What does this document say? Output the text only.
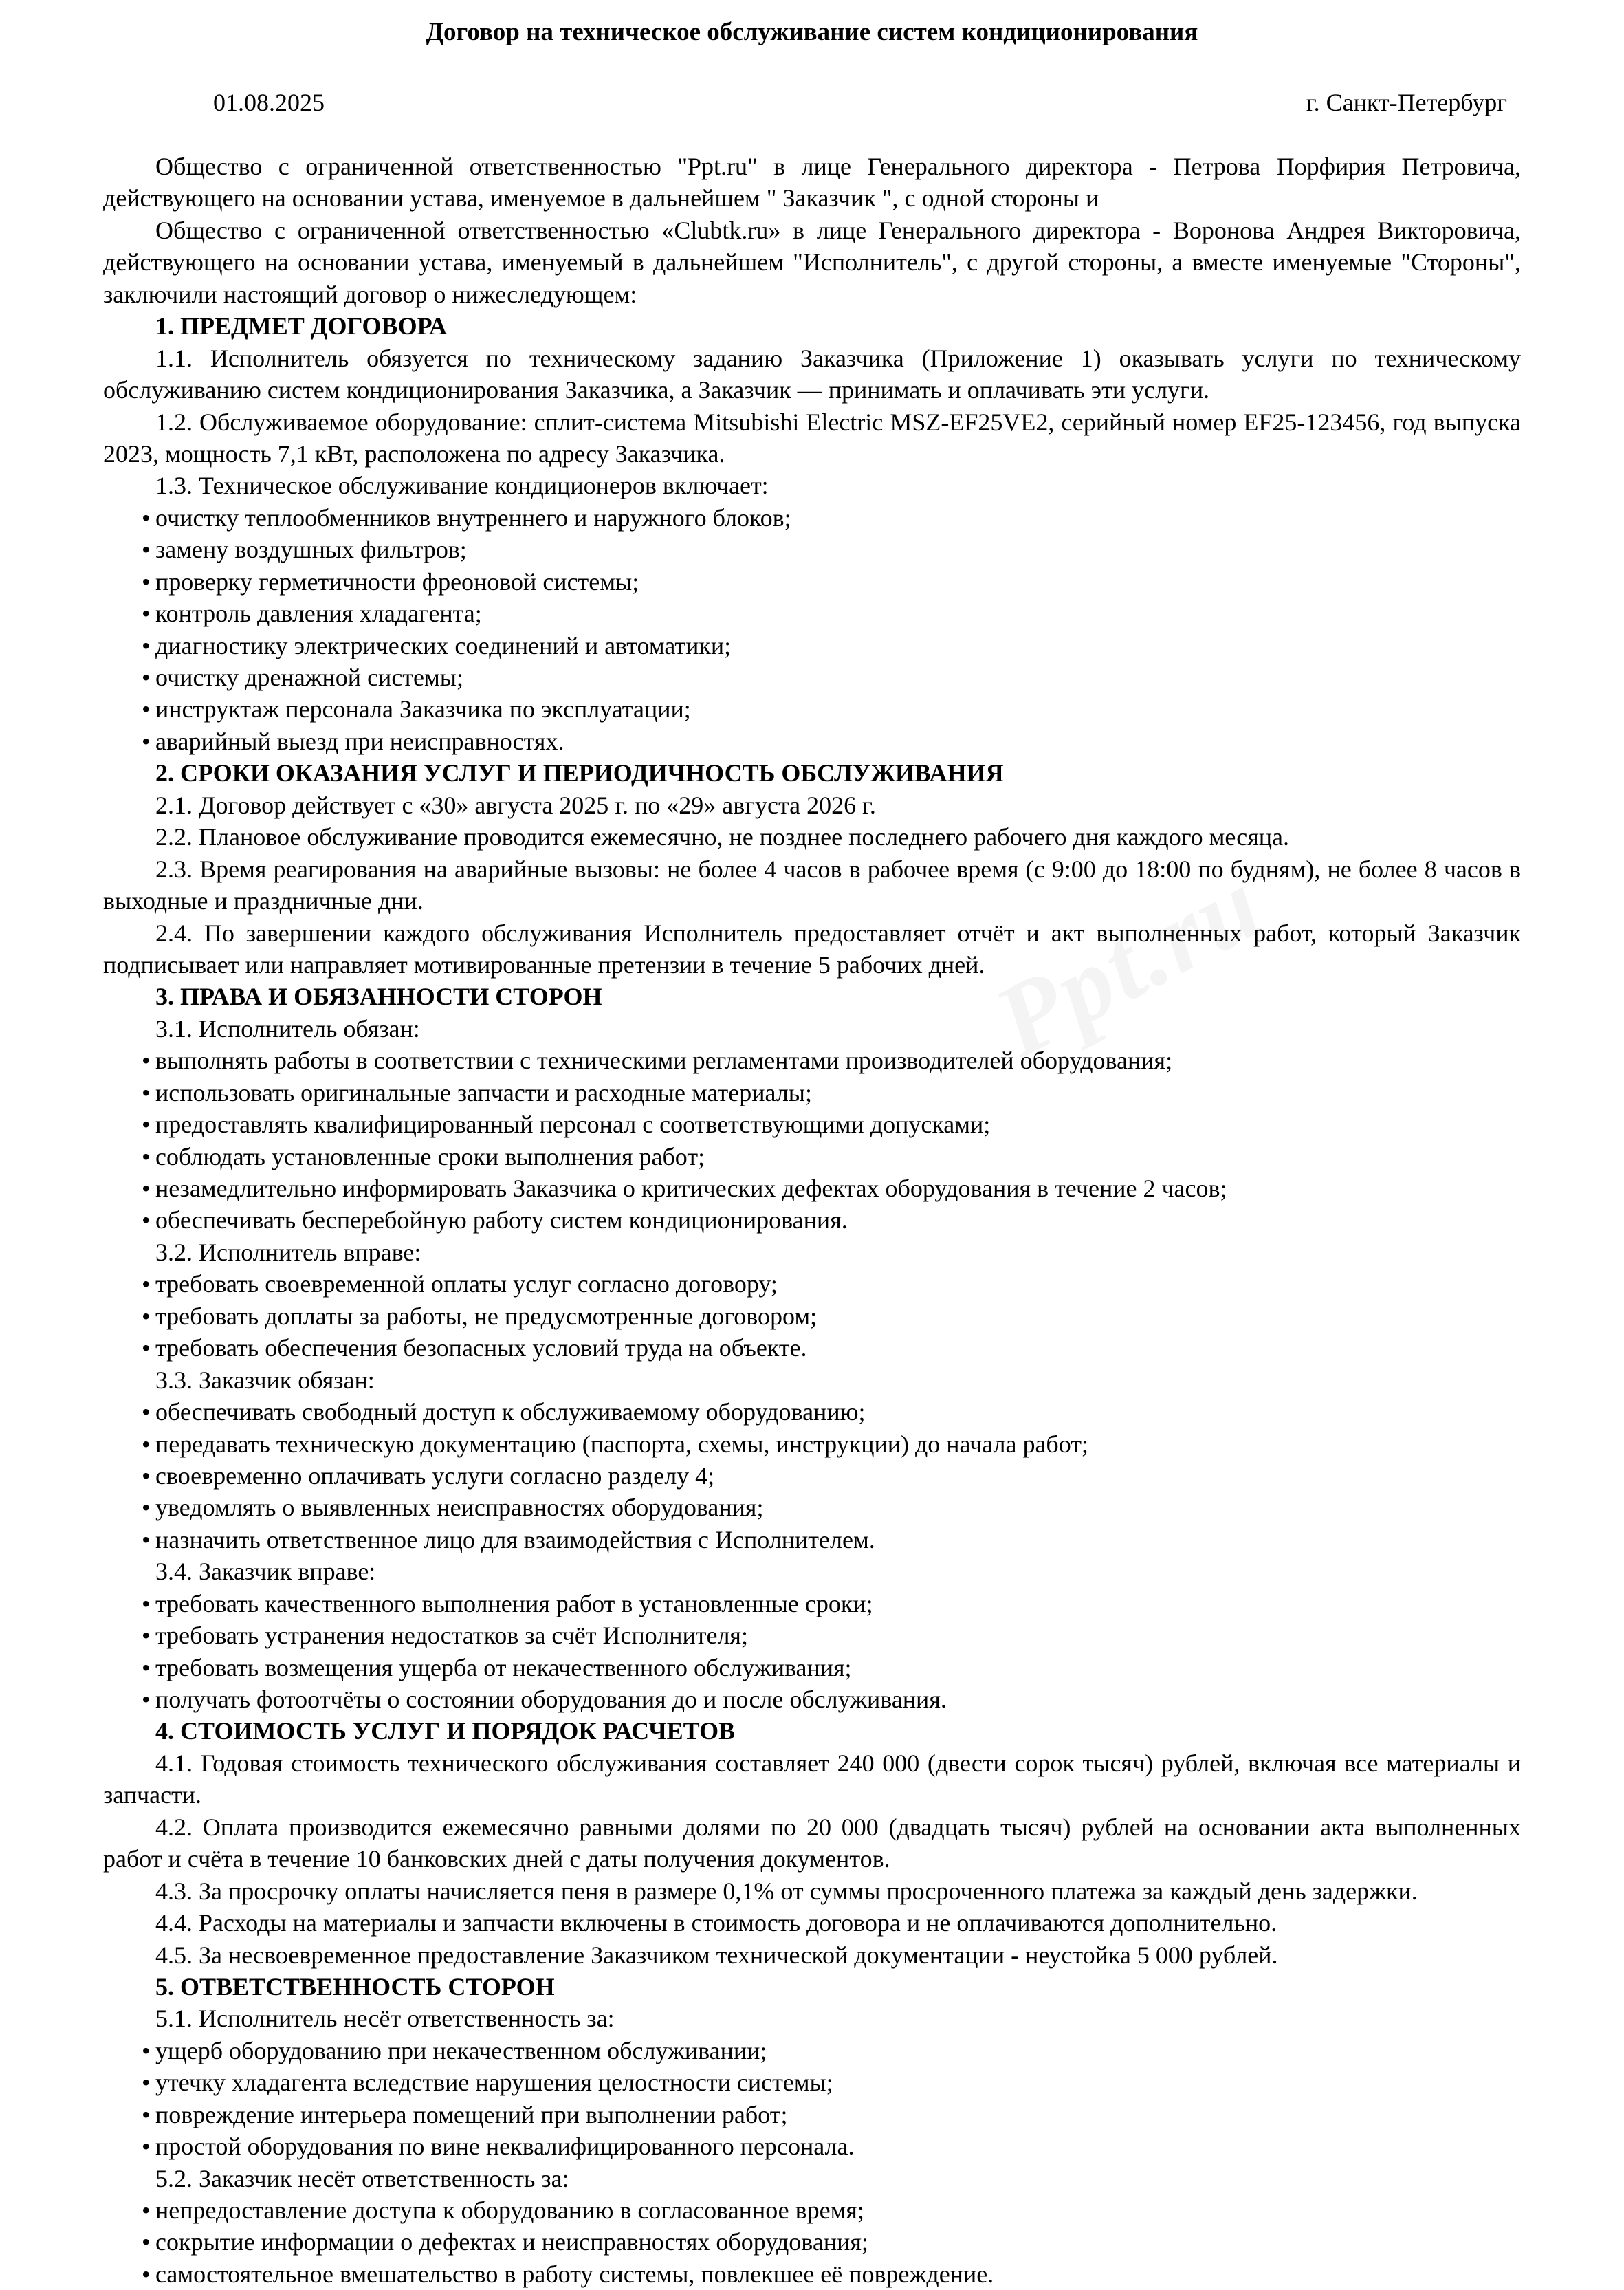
Договор на техническое обслуживание систем кондиционирования
01.08.2025	г. Санкт-Петербург

Общество с ограниченной ответственностью "Ppt.ru" в лице Генерального директора - Петрова Порфирия Петровича, действующего на основании устава, именуемое в дальнейшем " Заказчик ", с одной стороны и

Общество с ограниченной ответственностью «Clubtk.ru» в лице Генерального директора - Воронова Андрея Викторовича, действующего на основании устава, именуемый в дальнейшем "Исполнитель", с другой стороны, а вместе именуемые "Стороны", заключили настоящий договор о нижеследующем:

1. ПРЕДМЕТ ДОГОВОРА

1.1. Исполнитель обязуется по техническому заданию Заказчика (Приложение 1) оказывать услуги по техническому обслуживанию систем кондиционирования Заказчика, а Заказчик — принимать и оплачивать эти услуги.

1.2. Обслуживаемое оборудование: сплит-система Mitsubishi Electric MSZ-EF25VE2, серийный номер EF25-123456, год выпуска 2023, мощность 7,1 кВт, расположена по адресу Заказчика.

1.3. Техническое обслуживание кондиционеров включает:

• очистку теплообменников внутреннего и наружного блоков;
• замену воздушных фильтров;
• проверку герметичности фреоновой системы;
• контроль давления хладагента;
• диагностику электрических соединений и автоматики;
• очистку дренажной системы;
• инструктаж персонала Заказчика по эксплуатации;
• аварийный выезд при неисправностях.
2. СРОКИ ОКАЗАНИЯ УСЛУГ И ПЕРИОДИЧНОСТЬ ОБСЛУЖИВАНИЯ

2.1. Договор действует с «30» августа 2025 г. по «29» августа 2026 г.

2.2. Плановое обслуживание проводится ежемесячно, не позднее последнего рабочего дня каждого месяца.

2.3. Время реагирования на аварийные вызовы: не более 4 часов в рабочее время (с 9:00 до 18:00 по будням), не более 8 часов в выходные и праздничные дни.

2.4. По завершении каждого обслуживания Исполнитель предоставляет отчёт и акт выполненных работ, который Заказчик подписывает или направляет мотивированные претензии в течение 5 рабочих дней.

3. ПРАВА И ОБЯЗАННОСТИ СТОРОН

3.1. Исполнитель обязан:

• выполнять работы в соответствии с техническими регламентами производителей оборудования;
• использовать оригинальные запчасти и расходные материалы;
• предоставлять квалифицированный персонал с соответствующими допусками;
• соблюдать установленные сроки выполнения работ;
• незамедлительно информировать Заказчика о критических дефектах оборудования в течение 2 часов;
• обеспечивать бесперебойную работу систем кондиционирования.

3.2. Исполнитель вправе:

• требовать своевременной оплаты услуг согласно договору;
• требовать доплаты за работы, не предусмотренные договором;
• требовать обеспечения безопасных условий труда на объекте.

3.3. Заказчик обязан:

• обеспечивать свободный доступ к обслуживаемому оборудованию;
• передавать техническую документацию (паспорта, схемы, инструкции) до начала работ;
• своевременно оплачивать услуги согласно разделу 4;
• уведомлять о выявленных неисправностях оборудования;
• назначить ответственное лицо для взаимодействия с Исполнителем.

3.4. Заказчик вправе:

• требовать качественного выполнения работ в установленные сроки;
• требовать устранения недостатков за счёт Исполнителя;
• требовать возмещения ущерба от некачественного обслуживания;
• получать фотоотчёты о состоянии оборудования до и после обслуживания.
4. СТОИМОСТЬ УСЛУГ И ПОРЯДОК РАСЧЕТОВ

4.1. Годовая стоимость технического обслуживания составляет 240 000 (двести сорок тысяч) рублей, включая все материалы и запчасти.

4.2. Оплата производится ежемесячно равными долями по 20 000 (двадцать тысяч) рублей на основании акта выполненных работ и счёта в течение 10 банковских дней с даты получения документов.

4.3. За просрочку оплаты начисляется пеня в размере 0,1% от суммы просроченного платежа за каждый день задержки.

4.4. Расходы на материалы и запчасти включены в стоимость договора и не оплачиваются дополнительно.

4.5. За несвоевременное предоставление Заказчиком технической документации - неустойка 5 000 рублей.

5. ОТВЕТСТВЕННОСТЬ СТОРОН

5.1. Исполнитель несёт ответственность за:

• ущерб оборудованию при некачественном обслуживании;
• утечку хладагента вследствие нарушения целостности системы;
• повреждение интерьера помещений при выполнении работ;
• простой оборудования по вине неквалифицированного персонала.

5.2. Заказчик несёт ответственность за:

• непредоставление доступа к оборудованию в согласованное время;
• сокрытие информации о дефектах и неисправностях оборудования;
• самостоятельное вмешательство в работу системы, повлекшее её повреждение.
